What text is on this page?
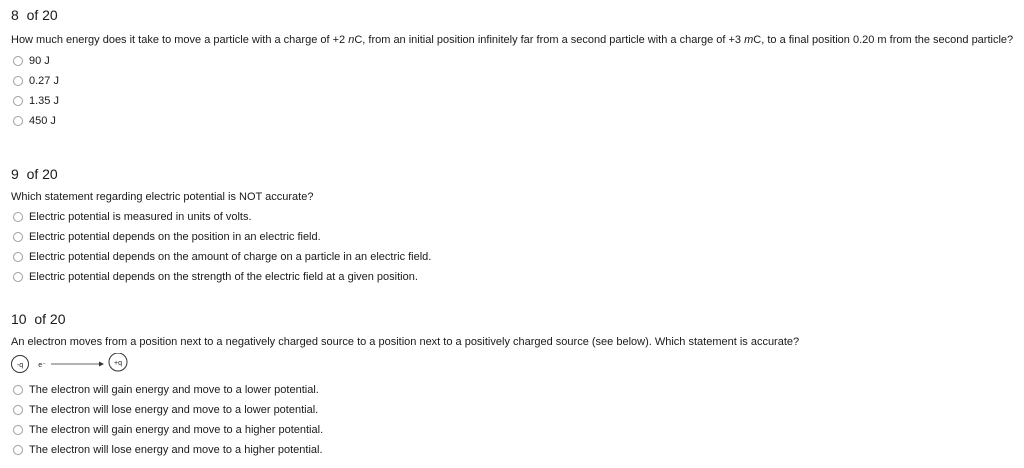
8 of 20

How much energy does it take to move a particle with a charge of +2 nC, from an initial position infinitely far from a second particle with a charge of +3 mC, to a final position 0.20 m from the second particle?

90 J
0.27 J
1.35 J
450 J

9 of 20

Which statement regarding electric potential is NOT accurate?

Electric potential is measured in units of volts.
Electric potential depends on the position in an electric field.
Electric potential depends on the amount of charge on a particle in an electric field.
Electric potential depends on the strength of the electric field at a given position.

10 of 20

An electron moves from a position next to a negatively charged source to a position next to a positively charged source (see below). Which statement is accurate?

-q e⁻	+q
The electron will gain energy and move to a lower potential.
The electron will lose energy and move to a lower potential.
The electron will gain energy and move to a higher potential.
The electron will lose energy and move to a higher potential.
